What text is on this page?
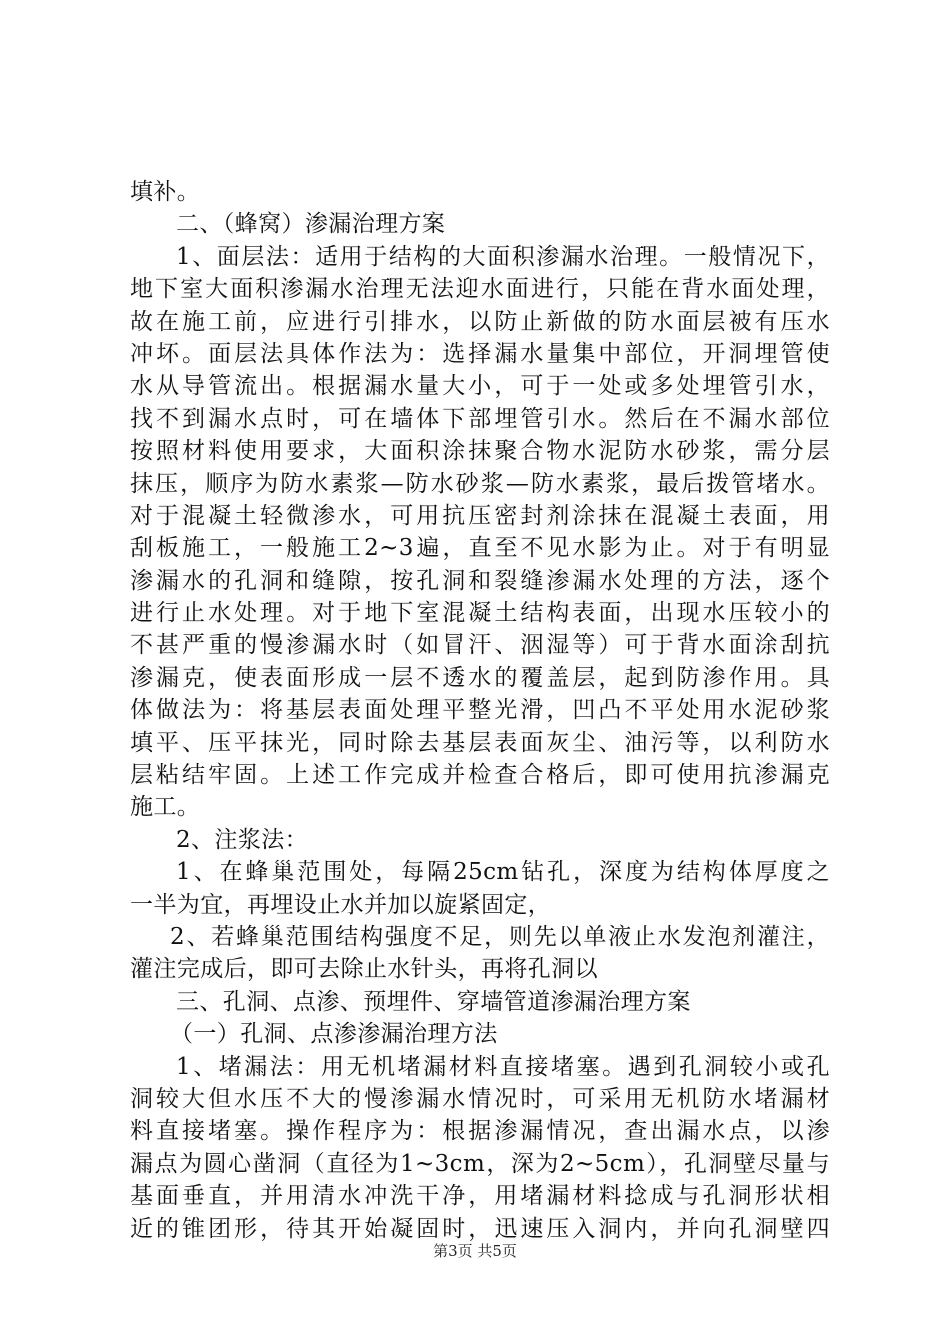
填补。
二、（蜂窝）渗漏治理方案
1、面层法：适用于结构的大面积渗漏水治理。一般情况下，
地下室大面积渗漏水治理无法迎水面进行，只能在背水面处理，
故在施工前，应进行引排水，以防止新做的防水面层被有压水
冲坏。面层法具体作法为：选择漏水量集中部位，开洞埋管使
水从导管流出。根据漏水量大小，可于一处或多处埋管引水，
找不到漏水点时，可在墙体下部埋管引水。然后在不漏水部位
按照材料使用要求，大面积涂抹聚合物水泥防水砂浆，需分层
抹压，顺序为防水素浆—防水砂浆—防水素浆，最后拨管堵水。
对于混凝土轻微渗水，可用抗压密封剂涂抹在混凝土表面，用
刮板施工，一般施工2~3遍，直至不见水影为止。对于有明显
渗漏水的孔洞和缝隙，按孔洞和裂缝渗漏水处理的方法，逐个
进行止水处理。对于地下室混凝土结构表面，出现水压较小的
不甚严重的慢渗漏水时（如冒汗、洇湿等）可于背水面涂刮抗
渗漏克，使表面形成一层不透水的覆盖层，起到防渗作用。具
体做法为：将基层表面处理平整光滑，凹凸不平处用水泥砂浆
填平、压平抹光，同时除去基层表面灰尘、油污等，以利防水
层粘结牢固。上述工作完成并检查合格后，即可使用抗渗漏克
施工。
2、注浆法：
1、在蜂巢范围处，每隔25cm钻孔，深度为结构体厚度之
一半为宜，再埋设止水并加以旋紧固定，
2、若蜂巢范围结构强度不足，则先以单液止水发泡剂灌注，
灌注完成后，即可去除止水针头，再将孔洞以
三、孔洞、点渗、预埋件、穿墙管道渗漏治理方案
（一）孔洞、点渗渗漏治理方法
1、堵漏法：用无机堵漏材料直接堵塞。遇到孔洞较小或孔
洞较大但水压不大的慢渗漏水情况时，可采用无机防水堵漏材
料直接堵塞。操作程序为：根据渗漏情况，查出漏水点，以渗
漏点为圆心凿洞（直径为1~3cm，深为2~5cm），孔洞壁尽量与
基面垂直，并用清水冲洗干净，用堵漏材料捻成与孔洞形状相
近的锥团形，待其开始凝固时，迅速压入洞内，并向孔洞壁四
第3页 共5页
